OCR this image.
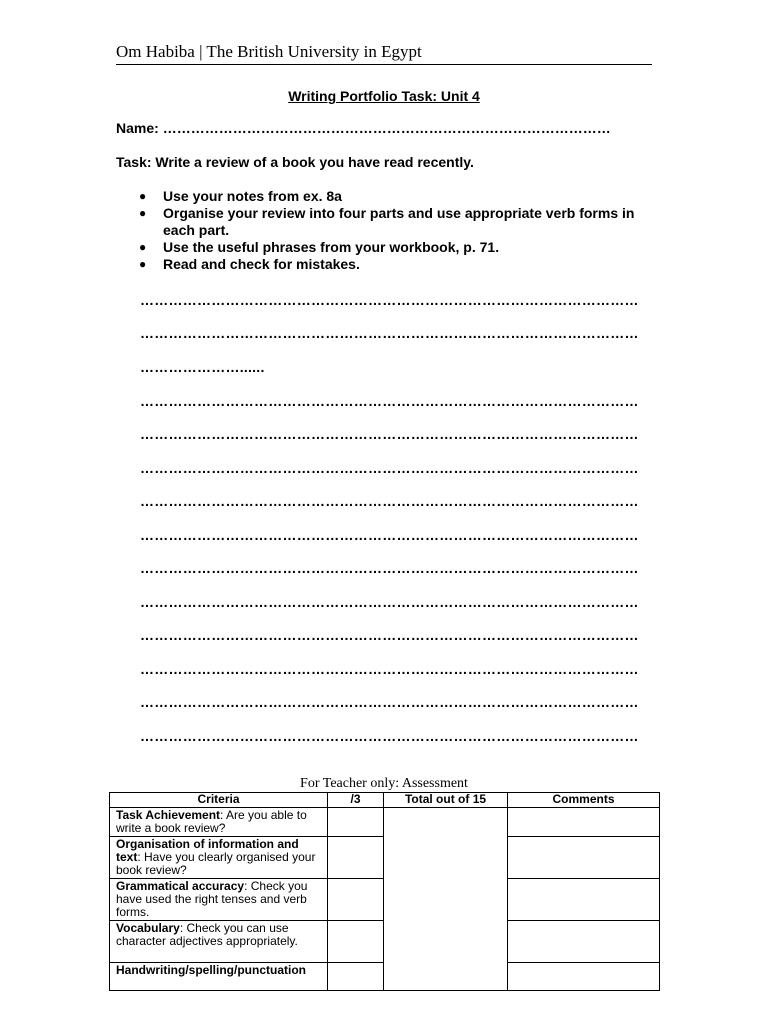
Om Habiba | The British University in Egypt
Writing Portfolio Task: Unit 4
Name: ……………………………………………………………………………………
Task: Write a review of a book you have read recently.
● Use your notes from ex. 8a
● Organise your review into four parts and use appropriate verb forms in each part.
● Use the useful phrases from your workbook, p. 71.
● Read and check for mistakes.
……………………………………………………………………………………………
……………………………………………………………………………………………
…………………......
……………………………………………………………………………………………
……………………………………………………………………………………………
……………………………………………………………………………………………
……………………………………………………………………………………………
……………………………………………………………………………………………
……………………………………………………………………………………………
……………………………………………………………………………………………
……………………………………………………………………………………………
……………………………………………………………………………………………
……………………………………………………………………………………………
……………………………………………………………………………………………
For Teacher only: Assessment
Criteria	/3	Total out of 15	Comments
Task Achievement: Are you able to write a book review?			
Organisation of information and text: Have you clearly organised your book review?			
Grammatical accuracy: Check you have used the right tenses and verb forms.			
Vocabulary: Check you can use character adjectives appropriately.			
Handwriting/spelling/punctuation			
